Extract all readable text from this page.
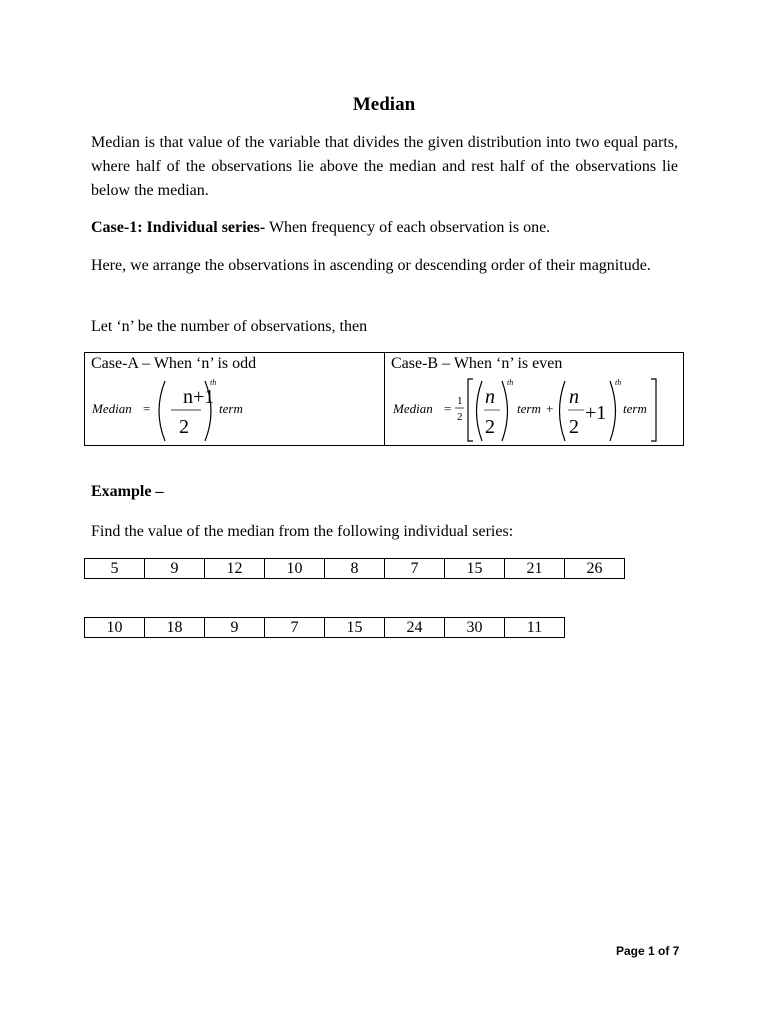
Median
Median is that value of the variable that divides the given distribution into two equal parts, where half of the observations lie above the median and rest half of the observations lie below the median.
Case-1: Individual series- When frequency of each observation is one.
Here, we arrange the observations in ascending or descending order of their magnitude.
Let ‘n’ be the number of observations, then
Case-A – When ‘n’ is odd
Median =
n+1
2
th
term
Case-B – When ‘n’ is even
Median = 1
2
n
2
th
term +
n
2
+1
th
term
Example –
Find the value of the median from the following individual series:
5	9	12	10	8	7	15	21	26
10	18	9	7	15	24	30	11
Page 1 of 7
